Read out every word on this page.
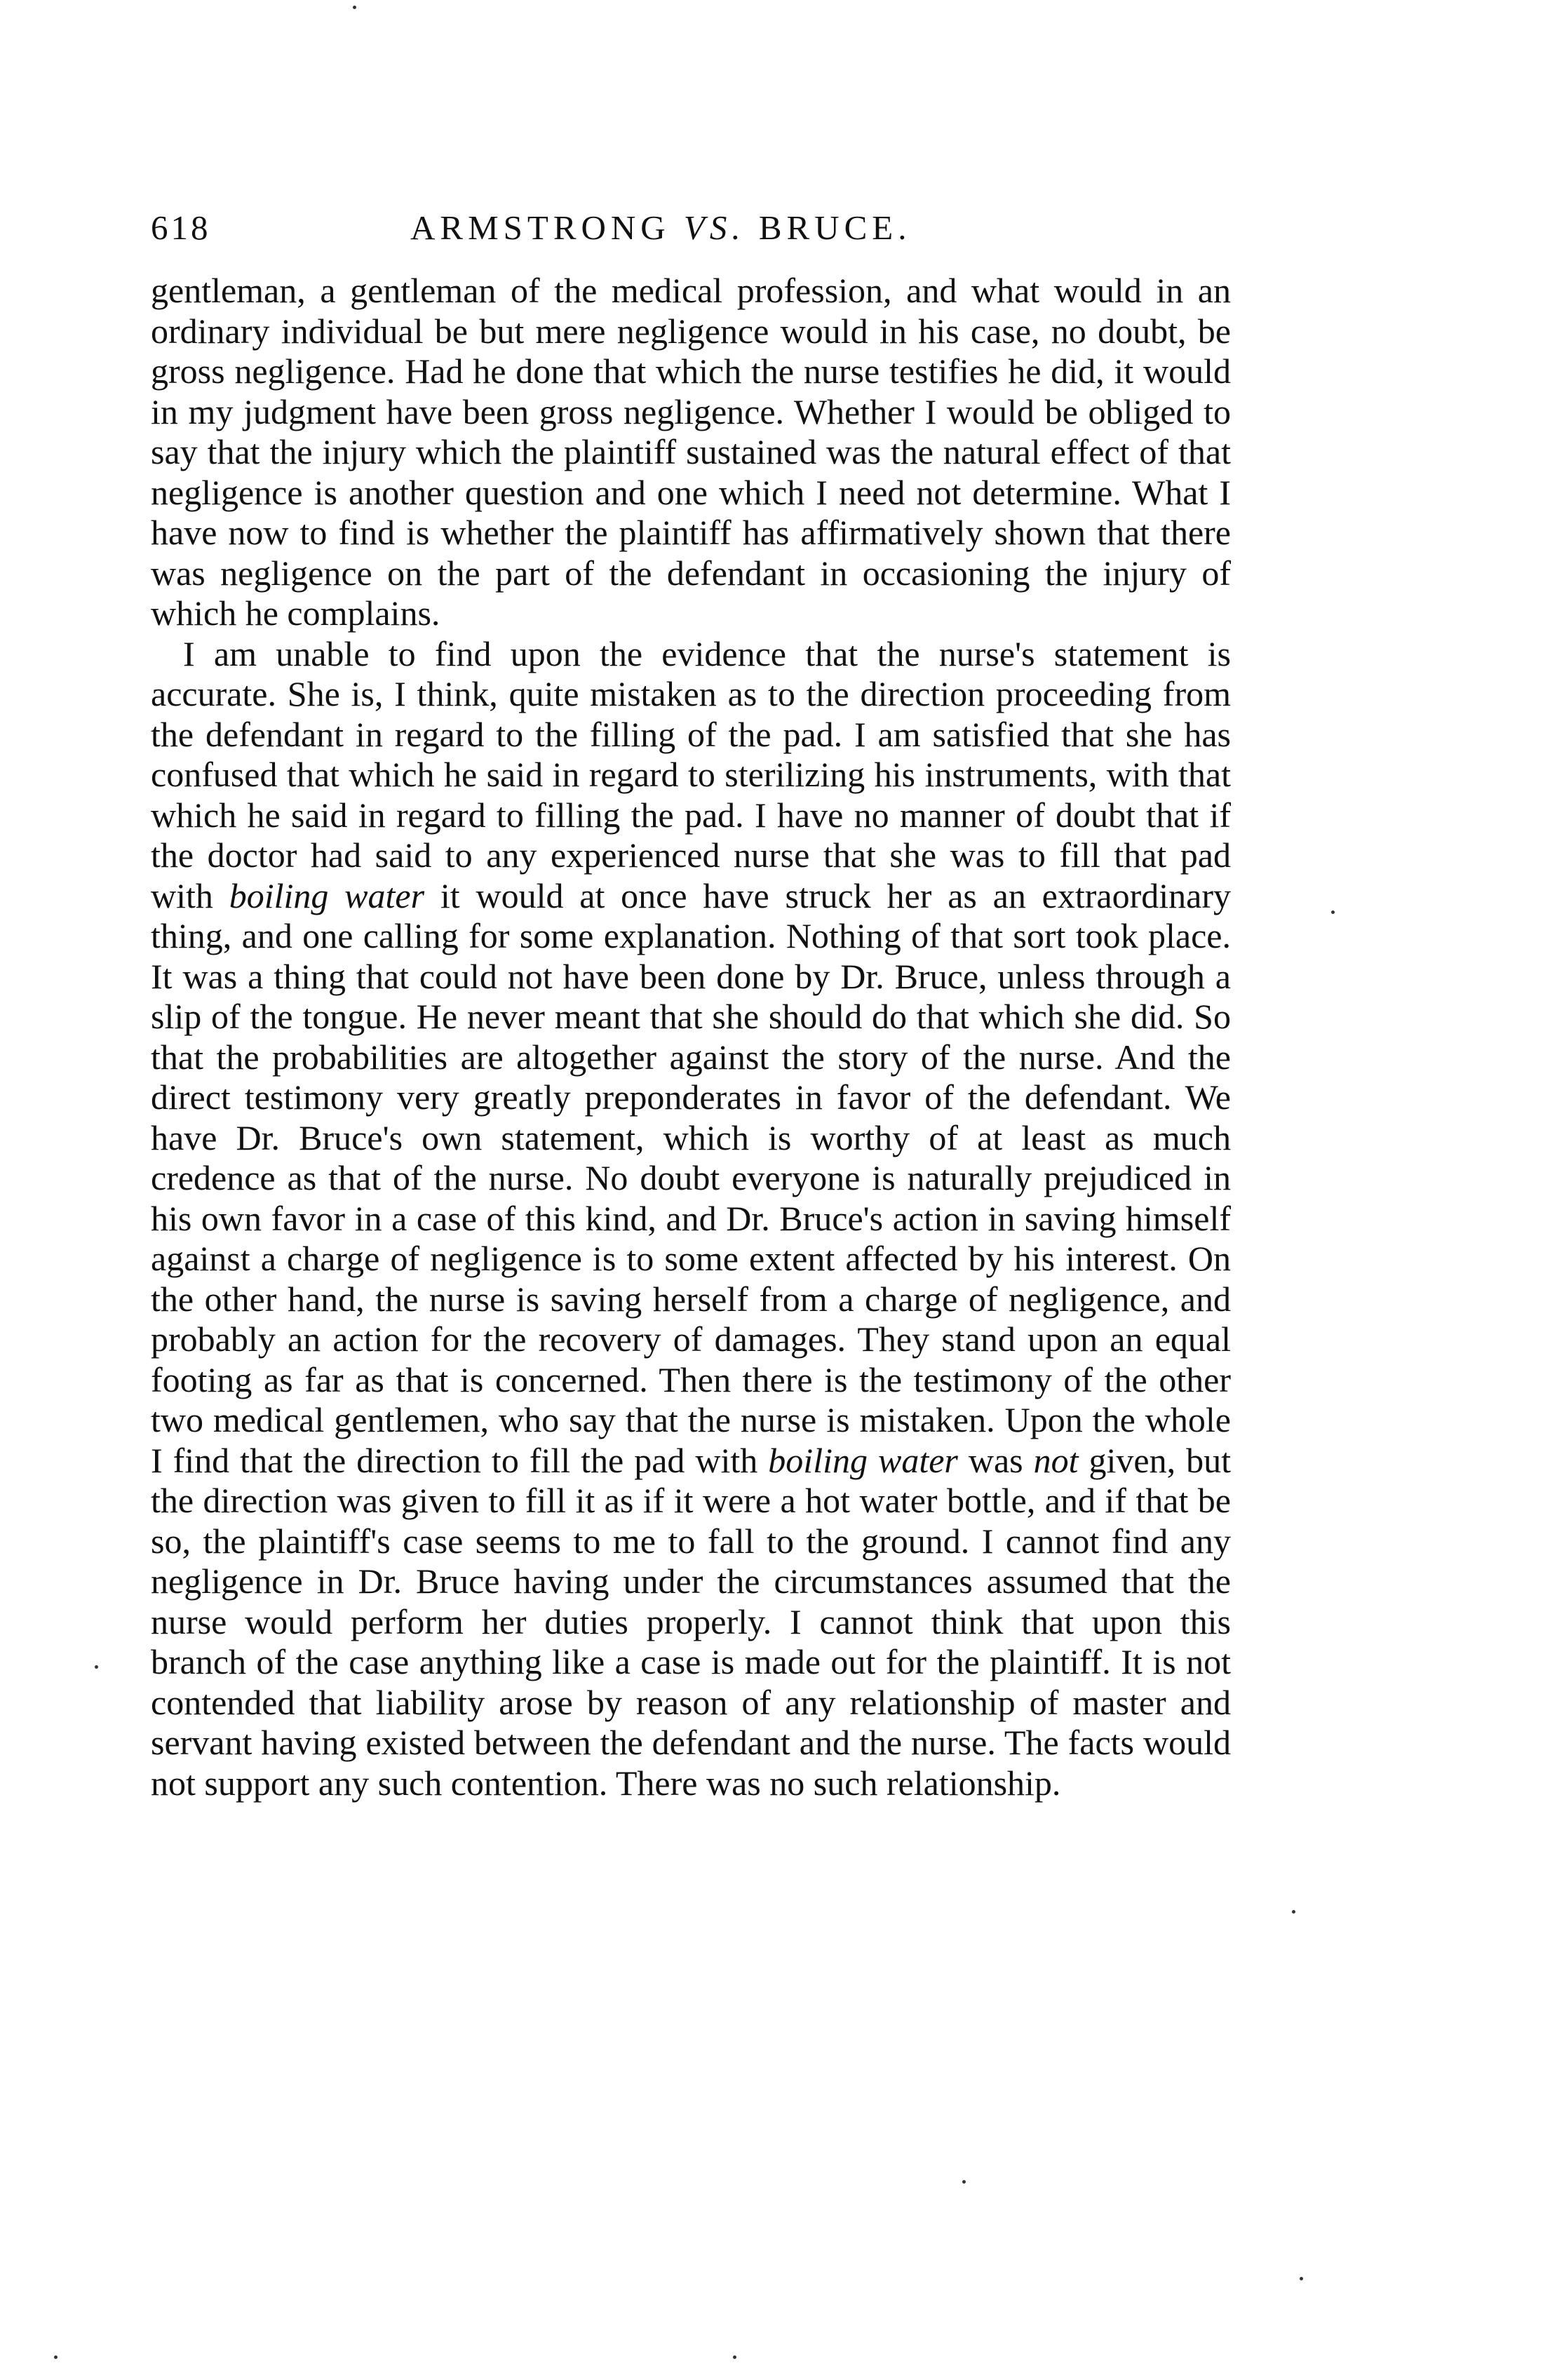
618	ARMSTRONG VS. BRUCE.

gentleman, a gentleman of the medical profession, and what would in an ordinary individual be but mere negligence would in his case, no doubt, be gross negligence. Had he done that which the nurse testifies he did, it would in my judgment have been gross negligence. Whether I would be obliged to say that the injury which the plaintiff sustained was the natural effect of that negligence is another question and one which I need not determine. What I have now to find is whether the plaintiff has affirmatively shown that there was negligence on the part of the defendant in occasioning the injury of which he complains.

I am unable to find upon the evidence that the nurse's statement is accurate. She is, I think, quite mistaken as to the direction proceeding from the defendant in regard to the filling of the pad. I am satisfied that she has confused that which he said in regard to sterilizing his instruments, with that which he said in regard to filling the pad. I have no manner of doubt that if the doctor had said to any experienced nurse that she was to fill that pad with boiling water it would at once have struck her as an extraordinary thing, and one calling for some explanation. Nothing of that sort took place. It was a thing that could not have been done by Dr. Bruce, unless through a slip of the tongue. He never meant that she should do that which she did. So that the probabilities are altogether against the story of the nurse. And the direct testimony very greatly preponderates in favor of the defendant. We have Dr. Bruce's own statement, which is worthy of at least as much credence as that of the nurse. No doubt everyone is naturally prejudiced in his own favor in a case of this kind, and Dr. Bruce's action in saving himself against a charge of negligence is to some extent affected by his interest. On the other hand, the nurse is saving herself from a charge of negligence, and probably an action for the recovery of damages. They stand upon an equal footing as far as that is concerned. Then there is the testimony of the other two medical gentlemen, who say that the nurse is mistaken. Upon the whole I find that the direction to fill the pad with boiling water was not given, but the direction was given to fill it as if it were a hot water bottle, and if that be so, the plaintiff's case seems to me to fall to the ground. I cannot find any negligence in Dr. Bruce having under the circumstances assumed that the nurse would perform her duties properly. I cannot think that upon this branch of the case anything like a case is made out for the plaintiff. It is not contended that liability arose by reason of any relationship of master and servant having existed between the defendant and the nurse. The facts would not support any such contention. There was no such relationship.
